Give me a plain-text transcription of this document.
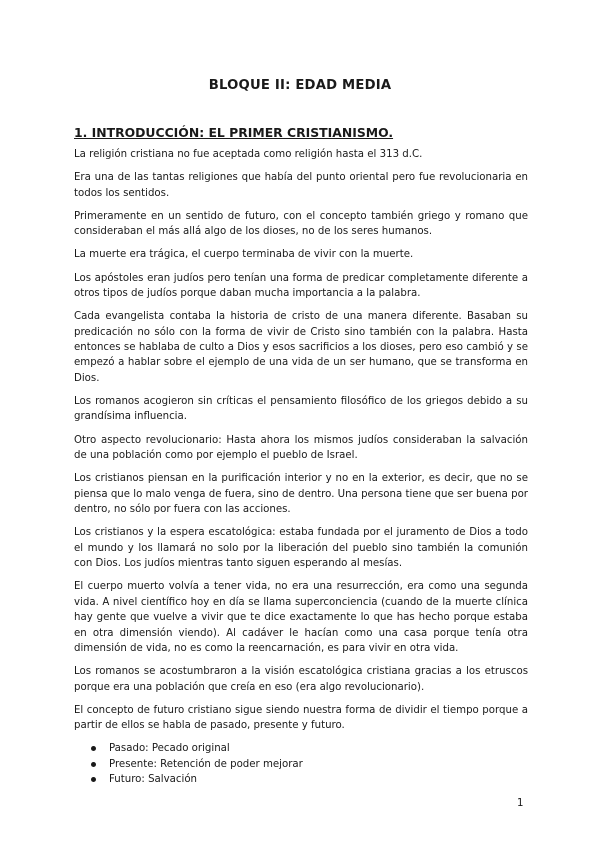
BLOQUE II: EDAD MEDIA
1. INTRODUCCIÓN: EL PRIMER CRISTIANISMO.

La religión cristiana no fue aceptada como religión hasta el 313 d.C.

Era una de las tantas religiones que había del punto oriental pero fue revolucionaria en todos los sentidos.

Primeramente en un sentido de futuro, con el concepto también griego y romano que consideraban el más allá algo de los dioses, no de los seres humanos.

La muerte era trágica, el cuerpo terminaba de vivir con la muerte.

Los apóstoles eran judíos pero tenían una forma de predicar completamente diferente a otros tipos de judíos porque daban mucha importancia a la palabra.

Cada evangelista contaba la historia de cristo de una manera diferente. Basaban su predicación no sólo con la forma de vivir de Cristo sino también con la palabra. Hasta entonces se hablaba de culto a Dios y esos sacrificios a los dioses, pero eso cambió y se empezó a hablar sobre el ejemplo de una vida de un ser humano, que se transforma en Dios.

Los romanos acogieron sin críticas el pensamiento filosófico de los griegos debido a su grandísima influencia.

Otro aspecto revolucionario: Hasta ahora los mismos judíos consideraban la salvación de una población como por ejemplo el pueblo de Israel.

Los cristianos piensan en la purificación interior y no en la exterior, es decir, que no se piensa que lo malo venga de fuera, sino de dentro. Una persona tiene que ser buena por dentro, no sólo por fuera con las acciones.

Los cristianos y la espera escatológica: estaba fundada por el juramento de Dios a todo el mundo y los llamará no solo por la liberación del pueblo sino también la comunión con Dios. Los judíos mientras tanto siguen esperando al mesías.

El cuerpo muerto volvía a tener vida, no era una resurrección, era como una segunda vida. A nivel científico hoy en día se llama superconciencia (cuando de la muerte clínica hay gente que vuelve a vivir que te dice exactamente lo que has hecho porque estaba en otra dimensión viendo). Al cadáver le hacían como una casa porque tenía otra dimensión de vida, no es como la reencarnación, es para vivir en otra vida.

Los romanos se acostumbraron a la visión escatológica cristiana gracias a los etruscos porque era una población que creía en eso (era algo revolucionario).

El concepto de futuro cristiano sigue siendo nuestra forma de dividir el tiempo porque a partir de ellos se habla de pasado, presente y futuro.

Pasado: Pecado original
Presente: Retención de poder mejorar
Futuro: Salvación
1
